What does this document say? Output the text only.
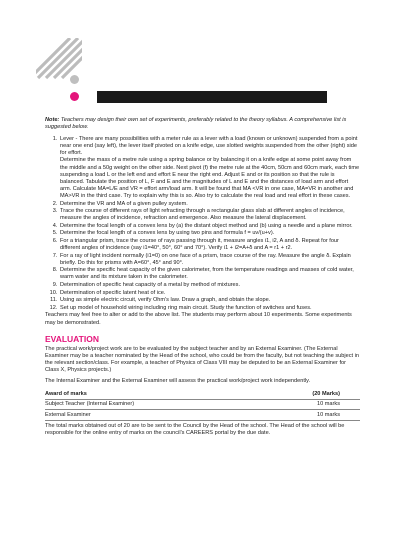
Note: Teachers may design their own set of experiments, preferably related to the theory syllabus. A comprehensive list is suggested below.

1. Lever - There are many possibilities with a meter rule as a lever with a load (known or unknown) suspended from a point near one end (say left), the lever itself pivoted on a knife edge, use slotted weights suspended from the other (right) side for effort.
Determine the mass of a metre rule using a spring balance or by balancing it on a knife edge at some point away from the middle and a 50g weight on the other side. Next pivot (f) the metre rule at the 40cm, 50cm and 60cm mark, each time suspending a load L or the left end and effort E near the right end. Adjust E and or its position so that the rule is balanced. Tabulate the position of L, F and E and the magnitudes of L and E and the distances of load arm and effort arm. Calculate MA=L/E and VR = effort arm/load arm. It will be found that MA <VR in one case, MA=VR in another and MA>VR in the third case. Try to explain why this is so. Also try to calculate the real load and real effort in these cases.
2. Determine the VR and MA of a given pulley system.
3. Trace the course of different rays of light refracting through a rectangular glass slab at different angles of incidence, measure the angles of incidence, refraction and emergence. Also measure the lateral displacement.
4. Determine the focal length of a convex lens by (a) the distant object method and (b) using a needle and a plane mirror.
5. Determine the focal length of a convex lens by using two pins and formula f = uv/(u+v).
6. For a triangular prism, trace the course of rays passing through it, measure angles i1, i2, A and δ. Repeat for four different angles of incidence (say i1=40°, 50°, 60° and 70°). Verify i1 + i2=A+δ and A = r1 + r2.
7. For a ray of light incident normally (i1=0) on one face of a prism, trace course of the ray. Measure the angle δ. Explain briefly. Do this for prisms with A=60°, 45° and 90°.
8. Determine the specific heat capacity of the given calorimeter, from the temperature readings and masses of cold water, warm water and its mixture taken in the calorimeter.
9. Determination of specific heat capacity of a metal by method of mixtures.
10. Determination of specific latent heat of ice.
11. Using as simple electric circuit, verify Ohm's law. Draw a graph, and obtain the slope.
12. Set up model of household wiring including ring main circuit. Study the function of switches and fuses.

Teachers may feel free to alter or add to the above list. The students may perform about 10 experiments. Some experiments may be demonstrated.

EVALUATION

The practical work/project work are to be evaluated by the subject teacher and by an External Examiner. (The External Examiner may be a teacher nominated by the Head of the school, who could be from the faculty, but not teaching the subject in the relevant section/class. For example, a teacher of Physics of Class VIII may be deputed to be an External Examiner for Class X, Physics projects.)

The Internal Examiner and the External Examiner will assess the practical work/project work independently.

Award of marks	(20 Marks)
Subject Teacher (Internal Examiner)	10 marks
External Examiner	10 marks

The total marks obtained out of 20 are to be sent to the Council by the Head of the school. The Head of the school will be responsible for the online entry of marks on the council's CAREERS portal by the due date.
